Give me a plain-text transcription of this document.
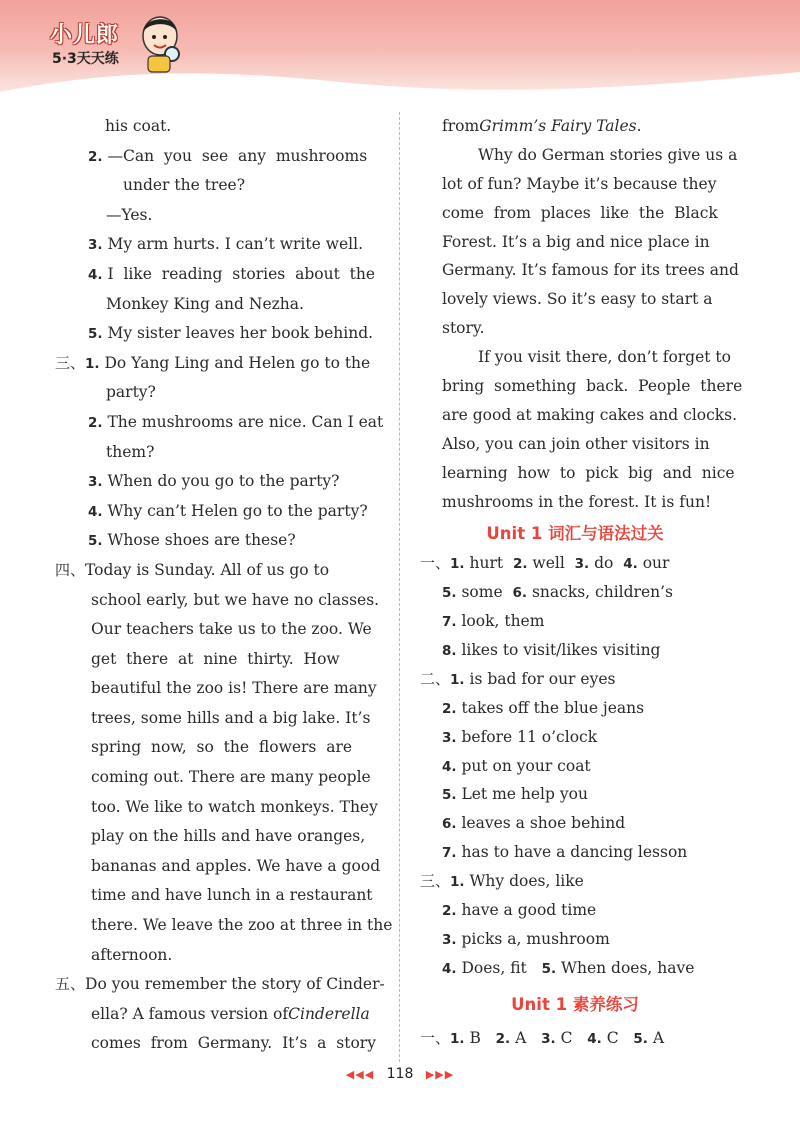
小儿郎
5·3天天练
his coat.
2. —Can  you  see  any  mushrooms
under the tree?
—Yes.
3. My arm hurts. I can’t write well.
4. I  like  reading  stories  about  the
Monkey King and Nezha.
5. My sister leaves her book behind.
三、1. Do Yang Ling and Helen go to the
party?
2. The mushrooms are nice. Can I eat
them?
3. When do you go to the party?
4. Why can’t Helen go to the party?
5. Whose shoes are these?
四、Today is Sunday. All of us go to
school early, but we have no classes.
Our teachers take us to the zoo. We
get  there  at  nine  thirty.  How
beautiful the zoo is! There are many
trees, some hills and a big lake. It’s
spring  now,  so  the  flowers  are
coming out. There are many people
too. We like to watch monkeys. They
play on the hills and have oranges,
bananas and apples. We have a good
time and have lunch in a restaurant
there. We leave the zoo at three in the
afternoon.
五、Do you remember the story of Cinder-
ella? A famous version ofCinderella
comes  from  Germany.  It’s  a  story
fromGrimm’s Fairy Tales.
Why do German stories give us a
lot of fun? Maybe it’s because they
come  from  places  like  the  Black
Forest. It’s a big and nice place in
Germany. It’s famous for its trees and
lovely views. So it’s easy to start a
story.
If you visit there, don’t forget to
bring  something  back.  People  there
are good at making cakes and clocks.
Also, you can join other visitors in
learning  how  to  pick  big  and  nice
mushrooms in the forest. It is fun!
Unit 1 词汇与语法过关
一、1. hurt 2. well 3. do 4. our
5. some 6. snacks, children’s
7. look, them
8. likes to visit/likes visiting
二、1. is bad for our eyes
2. takes off the blue jeans
3. before 11 o’clock
4. put on your coat
5. Let me help you
6. leaves a shoe behind
7. has to have a dancing lesson
三、1. Why does, like
2. have a good time
3. picks a, mushroom
4. Does, fit 5. When does, have
Unit 1 素养练习
一、1. B 2. A 3. C 4. C 5. A
◀◀◀ 118 ▶▶▶
